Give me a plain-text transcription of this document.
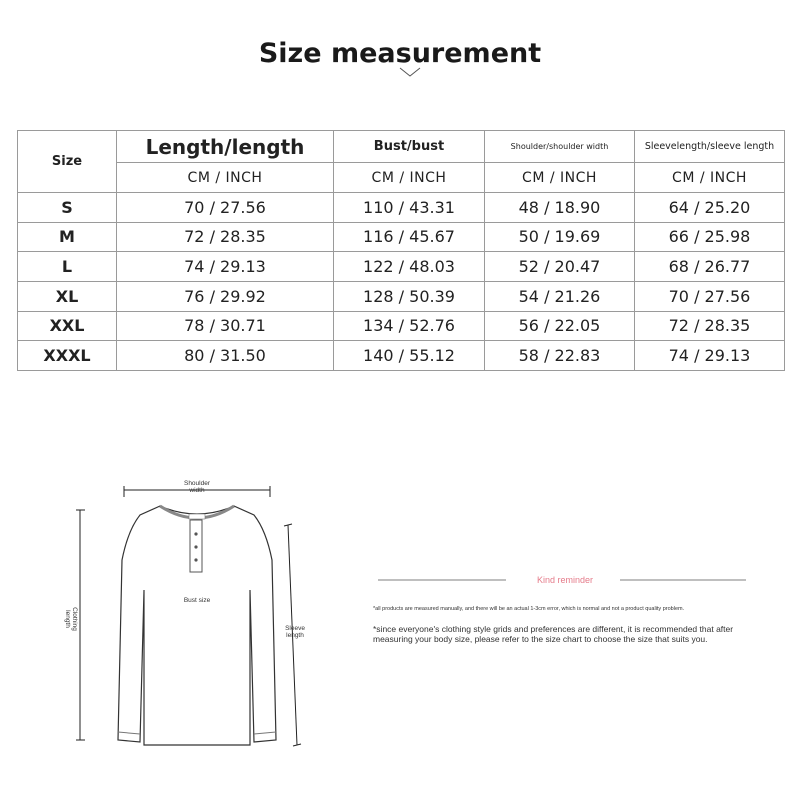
Size measurement
Size	Length/length	Bust/bust	Shoulder/shoulder width	Sleevelength/sleeve length
	CM / INCH	CM / INCH	CM / INCH	CM / INCH
S	70 / 27.56	110 / 43.31	48 / 18.90	64 / 25.20
M	72 / 28.35	116 / 45.67	50 / 19.69	66 / 25.98
L	74 / 29.13	122 / 48.03	52 / 20.47	68 / 26.77
XL	76 / 29.92	128 / 50.39	54 / 21.26	70 / 27.56
XXL	78 / 30.71	134 / 52.76	56 / 22.05	72 / 28.35
XXXL	80 / 31.50	140 / 55.12	58 / 22.83	74 / 29.13
Shoulder
width
Bust size
Clothing
length
Sleeve
length
Kind reminder
*all products are measured manually, and there will be an actual 1-3cm error, which is normal and not a product quality problem.
*since everyone's clothing style grids and preferences are different, it is recommended that after measuring your body size, please refer to the size chart to choose the size that suits you.
